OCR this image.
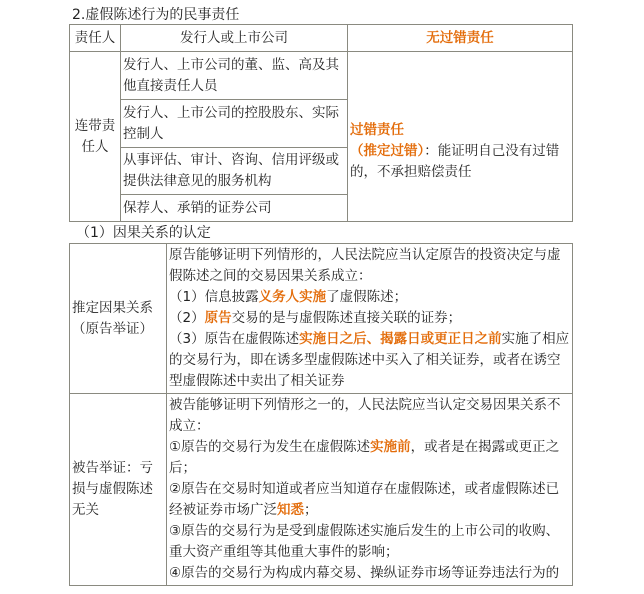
2.虚假陈述行为的民事责任
责任人	发行人或上市公司	无过错责任
连带责任人	发行人、上市公司的董、监、高及其他直接责任人员	过错责任
（推定过错）：能证明自己没有过错的，不承担赔偿责任
	发行人、上市公司的控股股东、实际控制人	
	从事评估、审计、咨询、信用评级或提供法律意见的服务机构	
	保荐人、承销的证券公司	
（1）因果关系的认定
推定因果关系（原告举证）	原告能够证明下列情形的，人民法院应当认定原告的投资决定与虚假陈述之间的交易因果关系成立：
（1）信息披露义务人实施了虚假陈述；
（2）原告交易的是与虚假陈述直接关联的证券；
（3）原告在虚假陈述实施日之后、揭露日或更正日之前实施了相应的交易行为，即在诱多型虚假陈述中买入了相关证券，或者在诱空型虚假陈述中卖出了相关证券

被告举证：亏损与虚假陈述无关	被告能够证明下列情形之一的，人民法院应当认定交易因果关系不成立：
①原告的交易行为发生在虚假陈述实施前，或者是在揭露或更正之后；
②原告在交易时知道或者应当知道存在虚假陈述，或者虚假陈述已经被证券市场广泛知悉；
③原告的交易行为是受到虚假陈述实施后发生的上市公司的收购、重大资产重组等其他重大事件的影响；
④原告的交易行为构成内幕交易、操纵证券市场等证券违法行为的
